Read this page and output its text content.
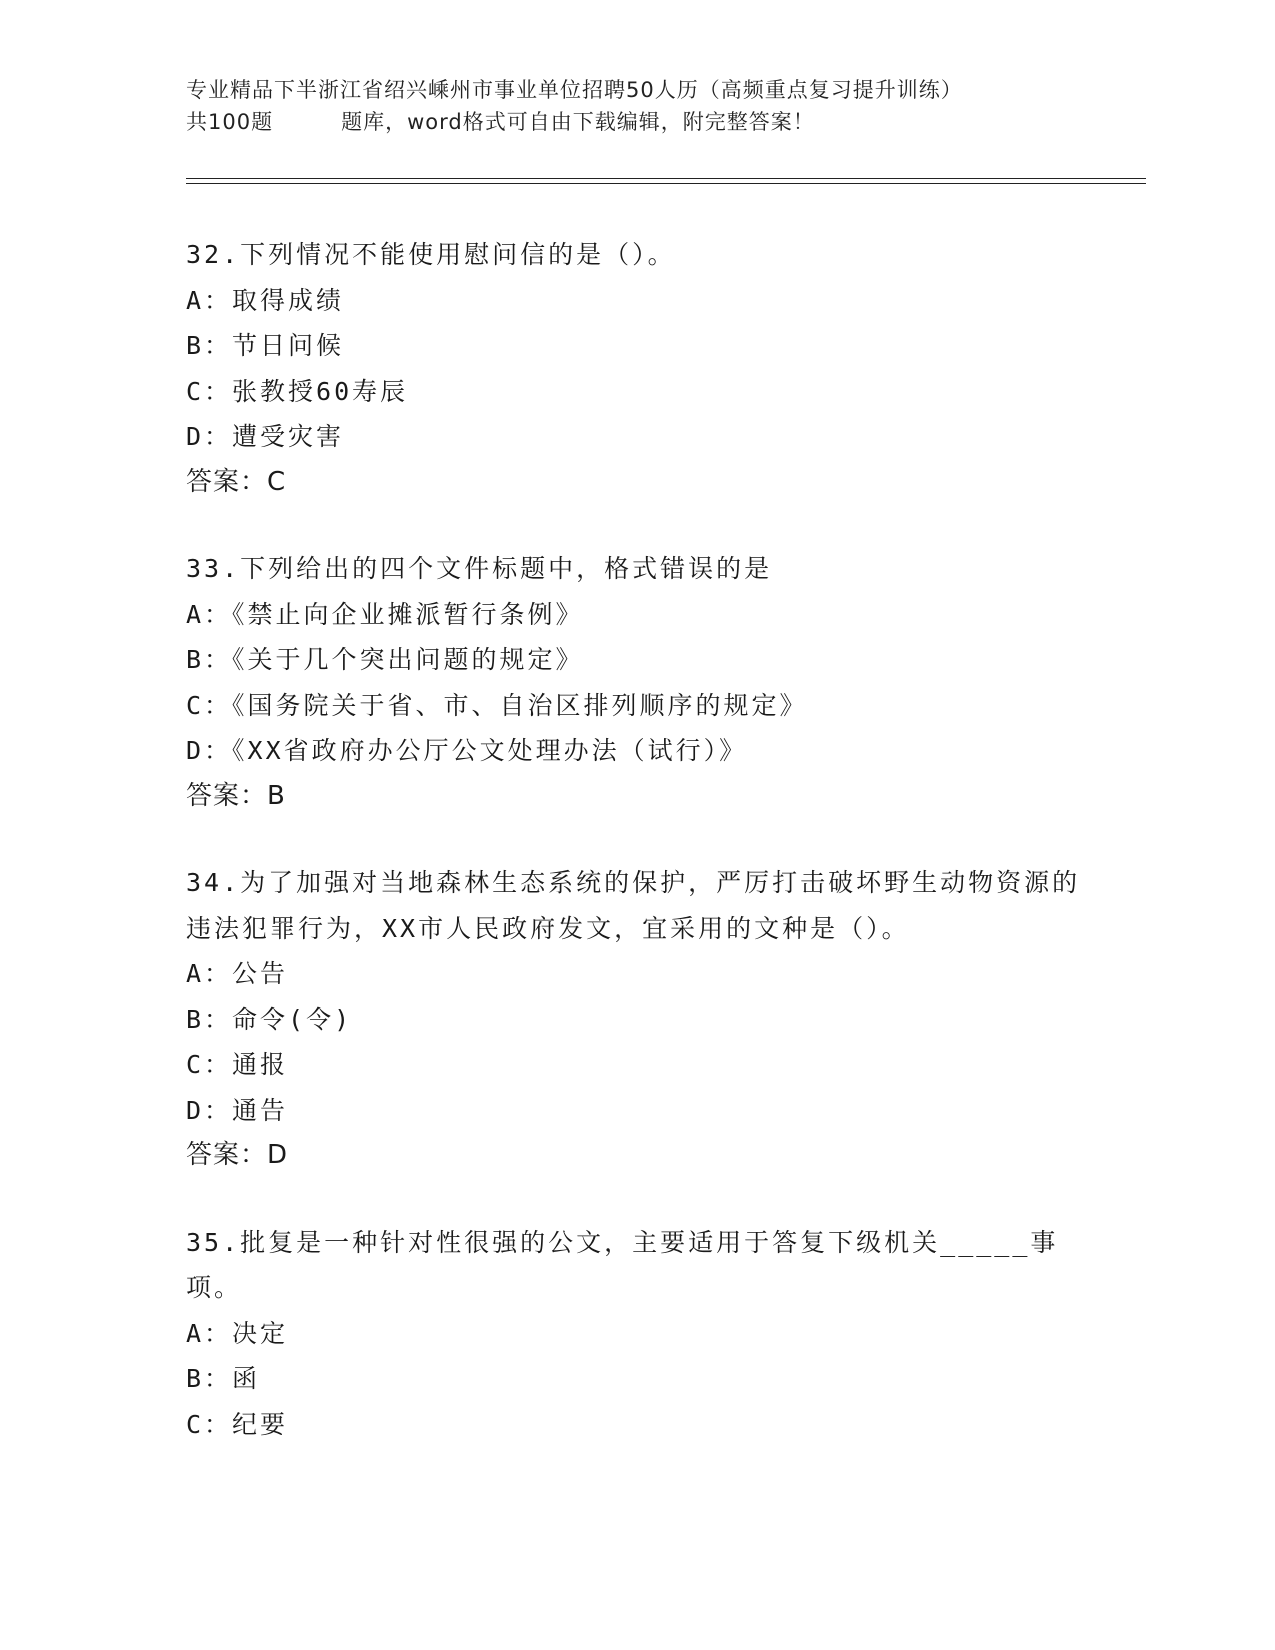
专业精品下半浙江省绍兴嵊州市事业单位招聘50人历（高频重点复习提升训练）
共100题	题库，word格式可自由下载编辑，附完整答案！
32.下列情况不能使用慰问信的是（）。
A：取得成绩
B：节日问候
C：张教授60寿辰
D：遭受灾害
答案：C
33.下列给出的四个文件标题中，格式错误的是
A：《禁止向企业摊派暂行条例》
B：《关于几个突出问题的规定》
C：《国务院关于省、市、自治区排列顺序的规定》
D：《XX省政府办公厅公文处理办法（试行）》
答案：B
34.为了加强对当地森林生态系统的保护，严厉打击破坏野生动物资源的违法犯罪行为，XX市人民政府发文，宜采用的文种是（）。
A：公告
B：命令(令)
C：通报
D：通告
答案：D
35.批复是一种针对性很强的公文，主要适用于答复下级机关_____事项。
A：决定
B：函
C：纪要
